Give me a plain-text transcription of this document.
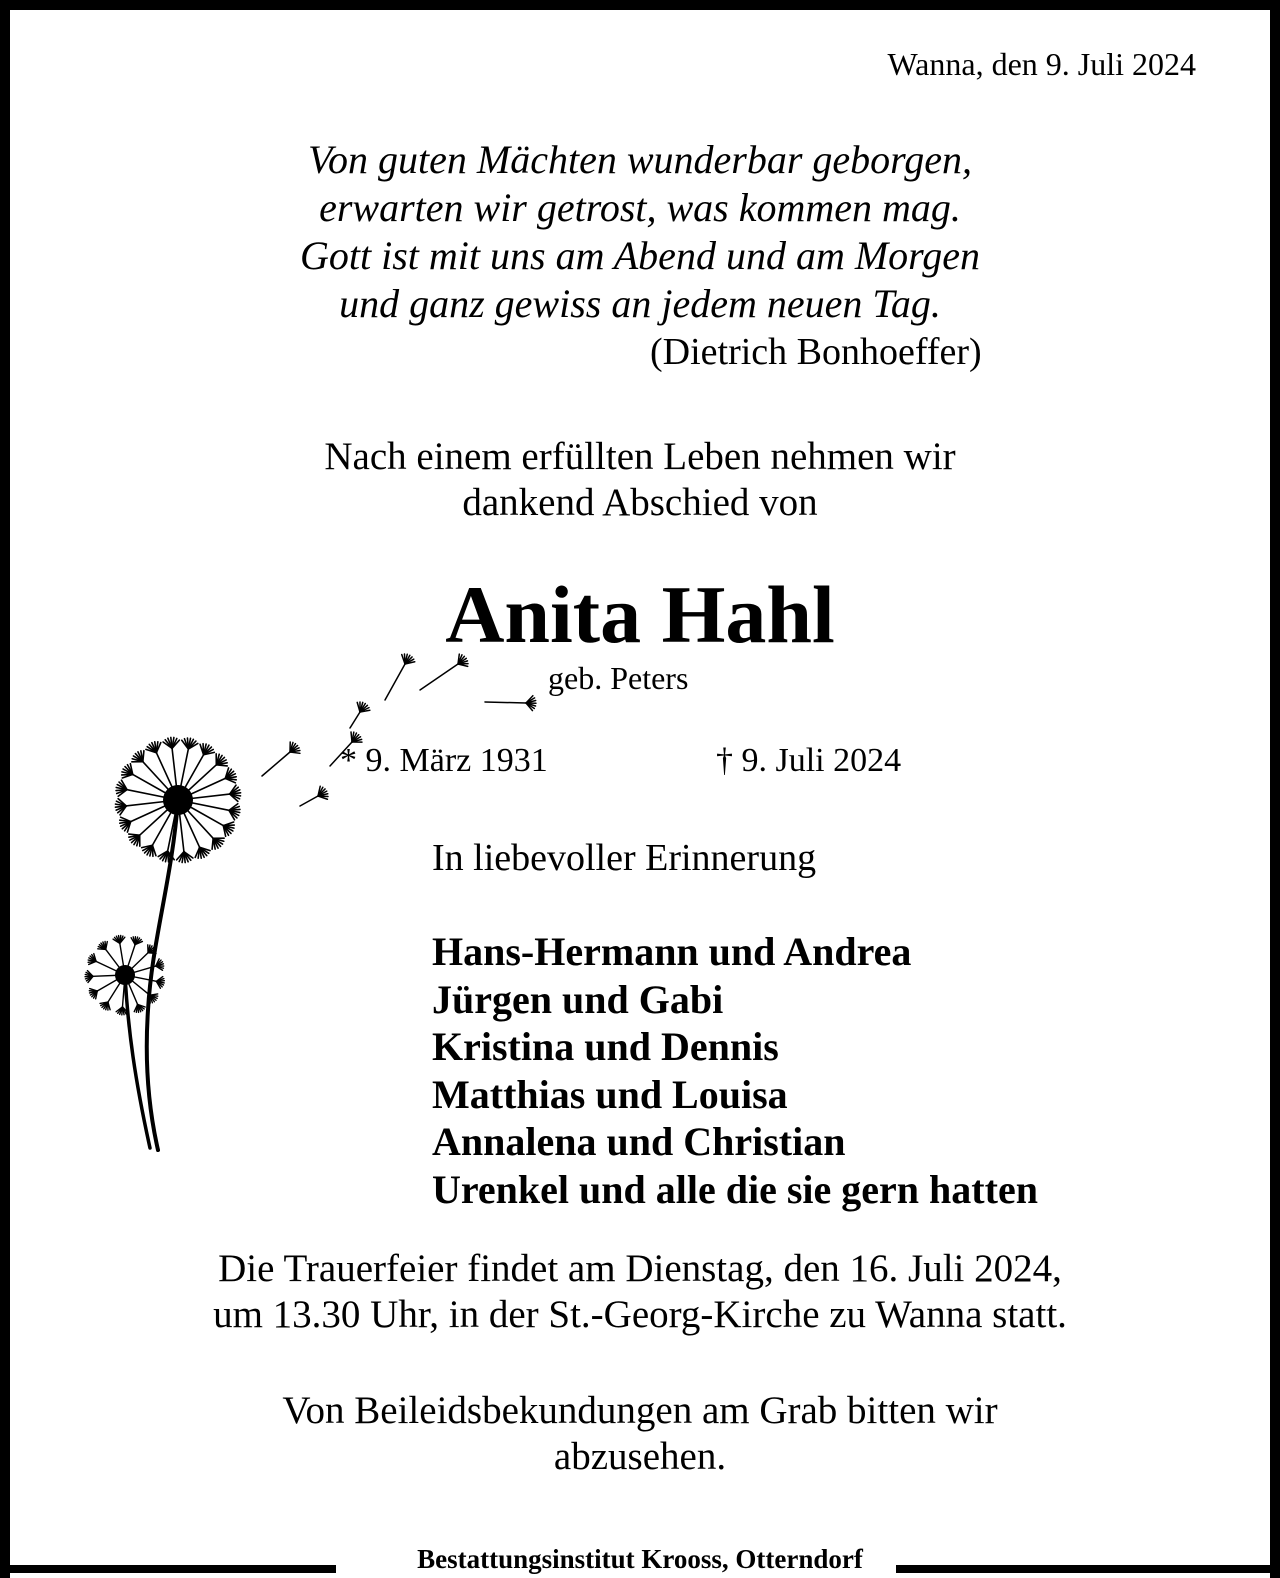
Wanna, den 9. Juli 2024
Von guten Mächten wunderbar geborgen,
erwarten wir getrost, was kommen mag.
Gott ist mit uns am Abend und am Morgen
und ganz gewiss an jedem neuen Tag.
(Dietrich Bonhoeffer)
Nach einem erfüllten Leben nehmen wir
dankend Abschied von
Anita Hahl
geb. Peters
* 9. März 1931	† 9. Juli 2024
In liebevoller Erinnerung
Hans-Hermann und Andrea
Jürgen und Gabi
Kristina und Dennis
Matthias und Louisa
Annalena und Christian
Urenkel und alle die sie gern hatten
Die Trauerfeier findet am Dienstag, den 16. Juli 2024,
um 13.30 Uhr, in der St.-Georg-Kirche zu Wanna statt.
Von Beileidsbekundungen am Grab bitten wir
abzusehen.
Bestattungsinstitut Krooss, Otterndorf
